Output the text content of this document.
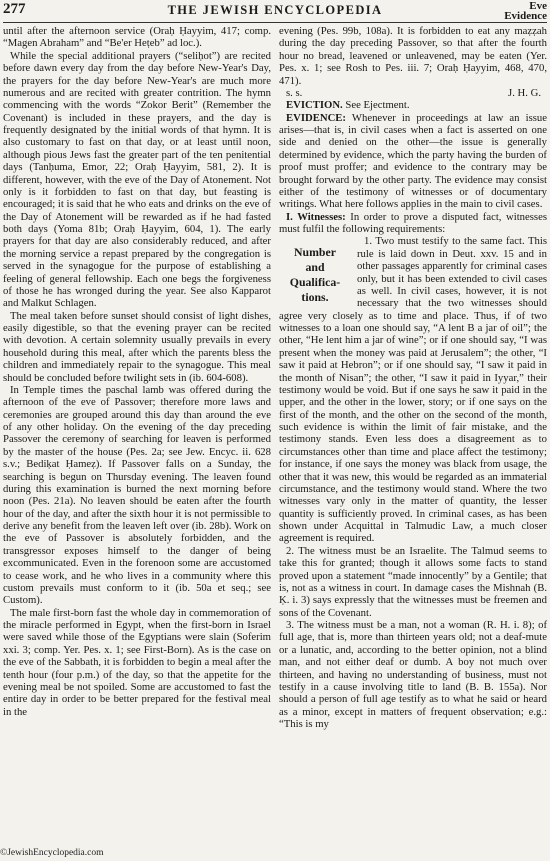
277	THE JEWISH ENCYCLOPEDIA	Eve
Evidence

until after the afternoon service (Oraḥ Ḥayyim, 417; comp. “Magen Abraham” and “Be'er Heṭeb” ad loc.).

While the special additional prayers (“seliḥot”) are recited before dawn every day from the day before New-Year's Day, the prayers for the day before New-Year's are much more numerous and are recited with greater contrition. The hymn commencing with the words “Zokor Berit” (Remember the Covenant) is included in these prayers, and the day is frequently designated by the initial words of that hymn. It is also customary to fast on that day, or at least until noon, although pious Jews fast the greater part of the ten penitential days (Tanḥuma, Emor, 22; Oraḥ Ḥayyim, 581, 2). It is different, however, with the eve of the Day of Atonement. Not only is it forbidden to fast on that day, but feasting is encouraged; it is said that he who eats and drinks on the eve of the Day of Atonement will be rewarded as if he had fasted both days (Yoma 81b; Oraḥ Ḥayyim, 604, 1). The early prayers for that day are also considerably reduced, and after the morning service a repast prepared by the congregation is served in the synagogue for the purpose of establishing a feeling of general fellowship. Each one begs the forgiveness of those he has wronged during the year. See also Kapparot and Malkut Schlagen.

The meal taken before sunset should consist of light dishes, easily digestible, so that the evening prayer can be recited with devotion. A certain solemnity usually prevails in every household during this meal, after which the parents bless the children and immediately repair to the synagogue. This meal should be concluded before twilight sets in (ib. 604-608).

In Temple times the paschal lamb was offered during the afternoon of the eve of Passover; therefore more laws and ceremonies are grouped around this day than around the eve of any other holiday. On the evening of the day preceding Passover the ceremony of searching for leaven is performed by the master of the house (Pes. 2a; see Jew. Encyc. ii. 628 s.v.; Bediḳat Ḥameẓ). If Passover falls on a Sunday, the searching is begun on Thursday evening. The leaven found during this examination is burned the next morning before noon (Pes. 21a). No leaven should be eaten after the fourth hour of the day, and after the sixth hour it is not permissible to derive any benefit from the leaven left over (ib. 28b). Work on the eve of Passover is absolutely forbidden, and the transgressor exposes himself to the danger of being excommunicated. Even in the forenoon some are accustomed to cease work, and he who lives in a community where this custom prevails must conform to it (ib. 50a et seq.; see Custom).

The male first-born fast the whole day in commemoration of the miracle performed in Egypt, when the first-born in Israel were saved while those of the Egyptians were slain (Soferim xxi. 3; comp. Yer. Pes. x. 1; see First-Born). As is the case on the eve of the Sabbath, it is forbidden to begin a meal after the tenth hour (four p.m.) of the day, so that the appetite for the evening meal be not spoiled. Some are accustomed to fast the entire day in order to be better prepared for the festival meal in the

evening (Pes. 99b, 108a). It is forbidden to eat any maẓẓah during the day preceding Passover, so that after the fourth hour no bread, leavened or unleavened, may be eaten (Yer. Pes. x. 1; see Rosh to Pes. iii. 7; Oraḥ Ḥayyim, 468, 470, 471).

s. s.	J. H. G.

EVICTION. See Ejectment.

EVIDENCE: Whenever in proceedings at law an issue arises—that is, in civil cases when a fact is asserted on one side and denied on the other—the issue is generally determined by evidence, which the party having the burden of proof must proffer; and evidence to the contrary may be brought forward by the other party. The evidence may consist either of the testimony of witnesses or of documentary writings. What here follows applies in the main to civil cases.

I. Witnesses: In order to prove a disputed fact, witnesses must fulfil the following requirements:

Number
and
Qualifica-
tions.
1. Two must testify to the same fact. This rule is laid down in Deut. xxv. 15 and in other passages apparently for criminal cases only, but it has been extended to civil cases as well. In civil cases, however, it is not necessary that the two witnesses should agree very closely as to time and place. Thus, if of two witnesses to a loan one should say, “A lent B a jar of oil”; the other, “He lent him a jar of wine”; or if one should say, “I was present when the money was paid at Jerusalem”; the other, “I saw it paid at Hebron”; or if one should say, “I saw it paid in the month of Nisan”; the other, “I saw it paid in Iyyar,” their testimony would be void. But if one says he saw it paid in the upper, and the other in the lower, story; or if one says on the first of the month, and the other on the second of the month, such evidence is within the limit of fair mistake, and the testimony stands. Even less does a disagreement as to circumstances other than time and place affect the testimony; for instance, if one says the money was black from usage, the other that it was new, this would be regarded as an immaterial circumstance, and the testimony would stand. Where the two witnesses vary only in the matter of quantity, the lesser quantity is sufficiently proved. In criminal cases, as has been shown under Acquittal in Talmudic Law, a much closer agreement is required.

2. The witness must be an Israelite. The Talmud seems to take this for granted; though it allows some facts to stand proved upon a statement “made innocently” by a Gentile; that is, not as a witness in court. In damage cases the Mishnah (B. Ḳ. i. 3) says expressly that the witnesses must be freemen and sons of the Covenant.

3. The witness must be a man, not a woman (R. H. i. 8); of full age, that is, more than thirteen years old; not a deaf-mute or a lunatic, and, according to the better opinion, not a blind man, and not either deaf or dumb. A boy not much over thirteen, and having no understanding of business, must not testify in a cause involving title to land (B. B. 155a). Nor should a person of full age testify as to what he said or heard as a minor, except in matters of frequent observation; e.g.: “This is my

©JewishEncyclopedia.com
